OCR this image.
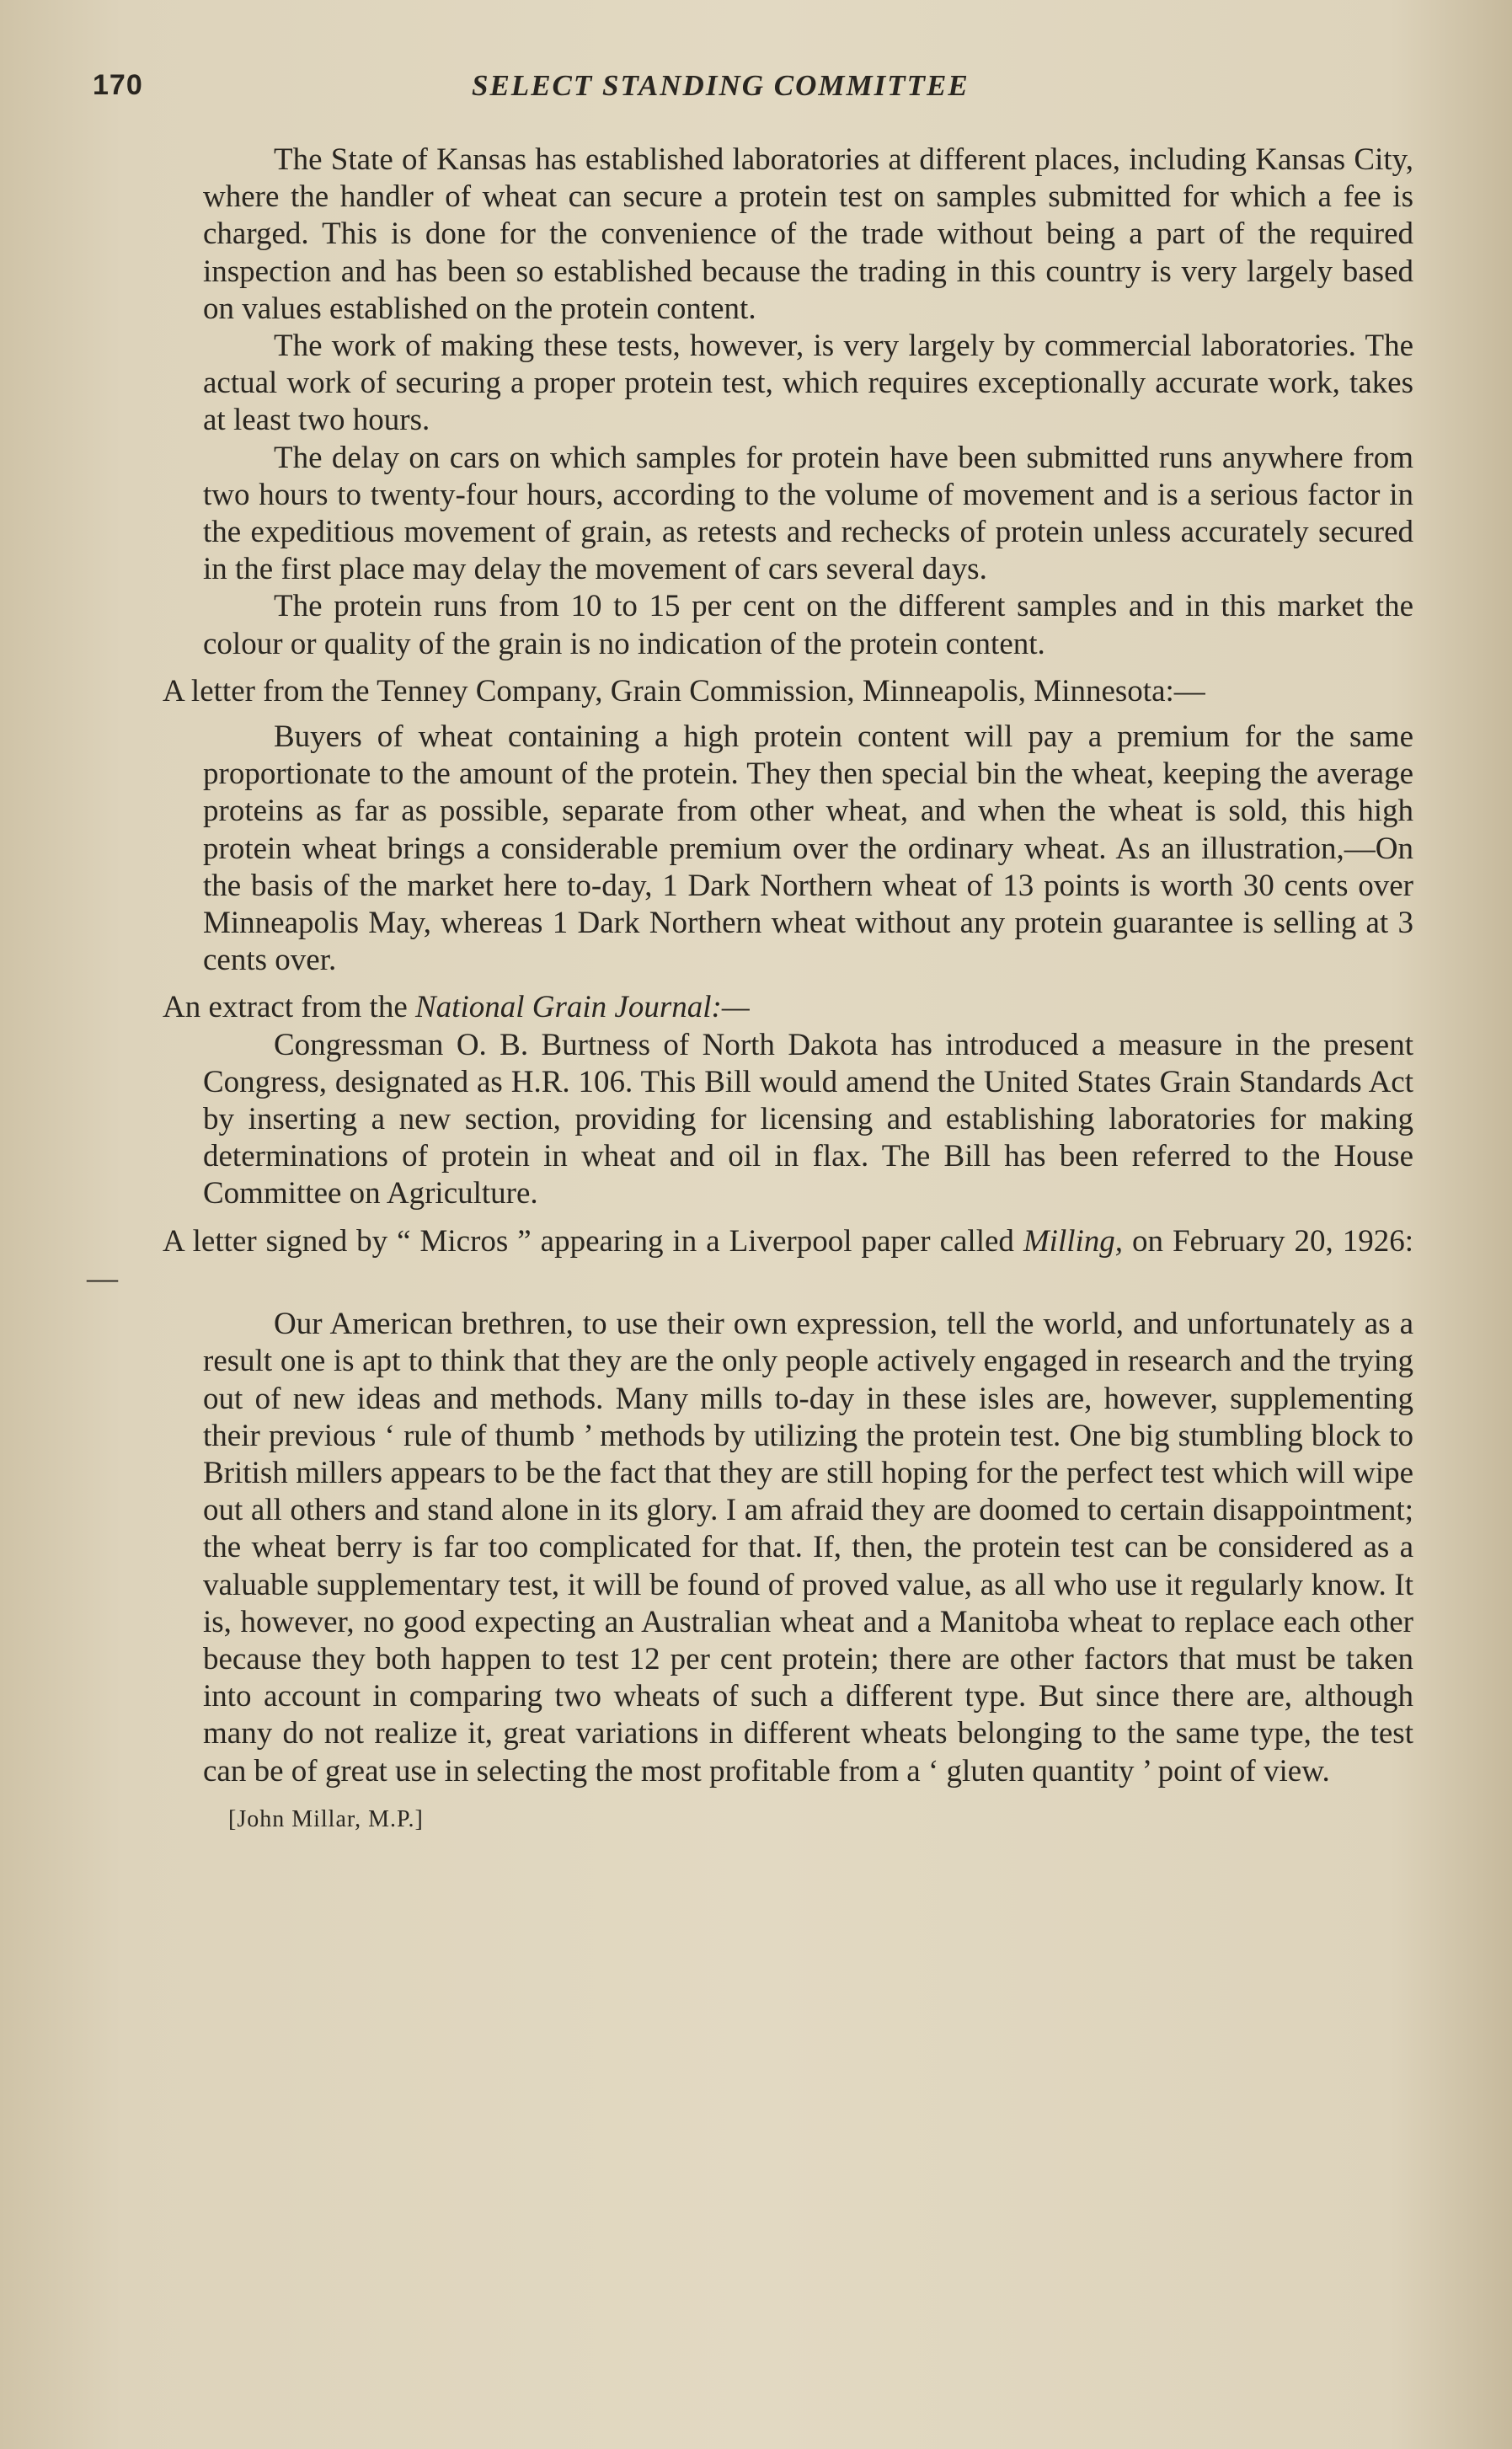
170	SELECT STANDING COMMITTEE

The State of Kansas has established laboratories at different places, including Kansas City, where the handler of wheat can secure a protein test on samples submitted for which a fee is charged. This is done for the convenience of the trade without being a part of the required inspection and has been so established because the trading in this country is very largely based on values established on the protein content.

The work of making these tests, however, is very largely by commercial laboratories. The actual work of securing a proper protein test, which requires exceptionally accurate work, takes at least two hours.

The delay on cars on which samples for protein have been submitted runs anywhere from two hours to twenty-four hours, according to the volume of movement and is a serious factor in the expeditious movement of grain, as retests and rechecks of protein unless accurately secured in the first place may delay the movement of cars several days.

The protein runs from 10 to 15 per cent on the different samples and in this market the colour or quality of the grain is no indication of the protein content.

A letter from the Tenney Company, Grain Commission, Minneapolis, Minnesota:—

Buyers of wheat containing a high protein content will pay a premium for the same proportionate to the amount of the protein. They then special bin the wheat, keeping the average proteins as far as possible, separate from other wheat, and when the wheat is sold, this high protein wheat brings a considerable premium over the ordinary wheat. As an illustration,—On the basis of the market here to-day, 1 Dark Northern wheat of 13 points is worth 30 cents over Minneapolis May, whereas 1 Dark Northern wheat without any protein guarantee is selling at 3 cents over.

An extract from the National Grain Journal:—

Congressman O. B. Burtness of North Dakota has introduced a measure in the present Congress, designated as H.R. 106. This Bill would amend the United States Grain Standards Act by inserting a new section, providing for licensing and establishing laboratories for making determinations of protein in wheat and oil in flax. The Bill has been referred to the House Committee on Agriculture.

A letter signed by “ Micros ” appearing in a Liverpool paper called Milling, on February 20, 1926:—

Our American brethren, to use their own expression, tell the world, and unfortunately as a result one is apt to think that they are the only people actively engaged in research and the trying out of new ideas and methods. Many mills to-day in these isles are, however, supplementing their previous ‘ rule of thumb ’ methods by utilizing the protein test. One big stumbling block to British millers appears to be the fact that they are still hoping for the perfect test which will wipe out all others and stand alone in its glory. I am afraid they are doomed to certain disappointment; the wheat berry is far too complicated for that. If, then, the protein test can be considered as a valuable supplementary test, it will be found of proved value, as all who use it regularly know. It is, however, no good expecting an Australian wheat and a Manitoba wheat to replace each other because they both happen to test 12 per cent protein; there are other factors that must be taken into account in comparing two wheats of such a different type. But since there are, although many do not realize it, great variations in different wheats belonging to the same type, the test can be of great use in selecting the most profitable from a ‘ gluten quantity ’ point of view.

[John Millar, M.P.]
